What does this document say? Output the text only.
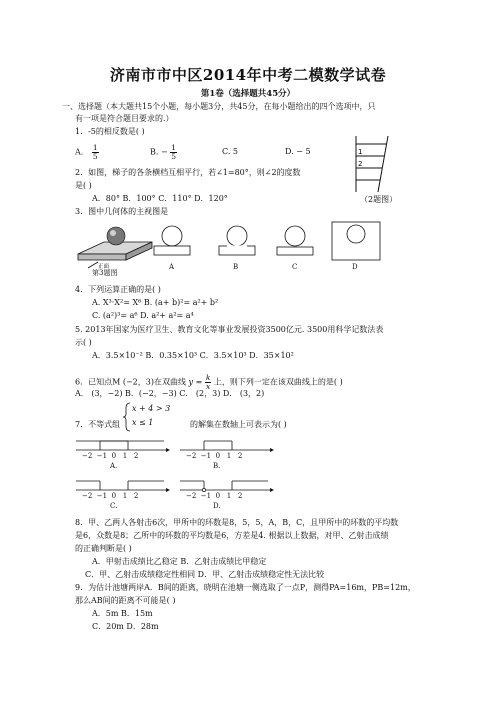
济南市市中区2014年中考二模数学试卷
第1卷（选择题共45分）
一、选择题（本大题共15个小题，每小题3分，共45分，在每小题给出的四个选项中，只
有一项是符合题目要求的.）
1．-5的相反数是( )
A. $\frac{1}{5}$	B. − $\frac{1}{5}$	C. 5	D. − 5
2．如图，梯子的各条横档互相平行，若∠1=80°，则∠2的度数
是( )
A．80° B．100° C．110° D．120°
1
2
（2题图）
3．图中几何体的主视图是
正面
第3题图
A	B	C	D
4．下列运算正确的是( )
A. X³·X²= X⁶ B. (a+ b)²= a²+ b²
C. (a²)³= a⁶ D. a²+ a²= a⁴
5. 2013年国家为医疗卫生、教育文化等事业发展投资3500亿元. 3500用科学记数法表
示( )
A．3.5×10⁻² B．0.35×10³ C．3.5×10³ D．35×10²
6．已知点M (−2，3)在双曲线 $y = \frac{k}{x}$ 上，则下列一定在该双曲线上的是( )
A． (3，−2) B．(−2，−3) C． (2，3) D． (3，2)
7．不等式组
x + 4 > 3
x ≤ 1	的解集在数轴上可表示为( )
−2 −1 0 1 2
A.
−2 −1 0 1 2
B.
−2 −1 0 1 2
C.
−2 −1 0 1 2
D.
8．甲、乙两人各射击6次，甲所中的环数是8，5，5，A，B，C，且甲所中的环数的平均数
是6，众数是8；乙所中的环数的平均数是6，方差是4. 根据以上数据，对甲、乙射击成绩
的正确判断是( )
A．甲射击成绩比乙稳定 B．乙射击成绩比甲稳定
C．甲、乙射击成绩稳定性相同 D．甲、乙射击成绩稳定性无法比较
9．为估计池塘两岸A．B间的距离，晓明在池塘一侧选取了一点P，测得PA=16m，PB=12m，
那么AB间的距离不可能是( )
A．5m B．15m
C．20m D．28m
